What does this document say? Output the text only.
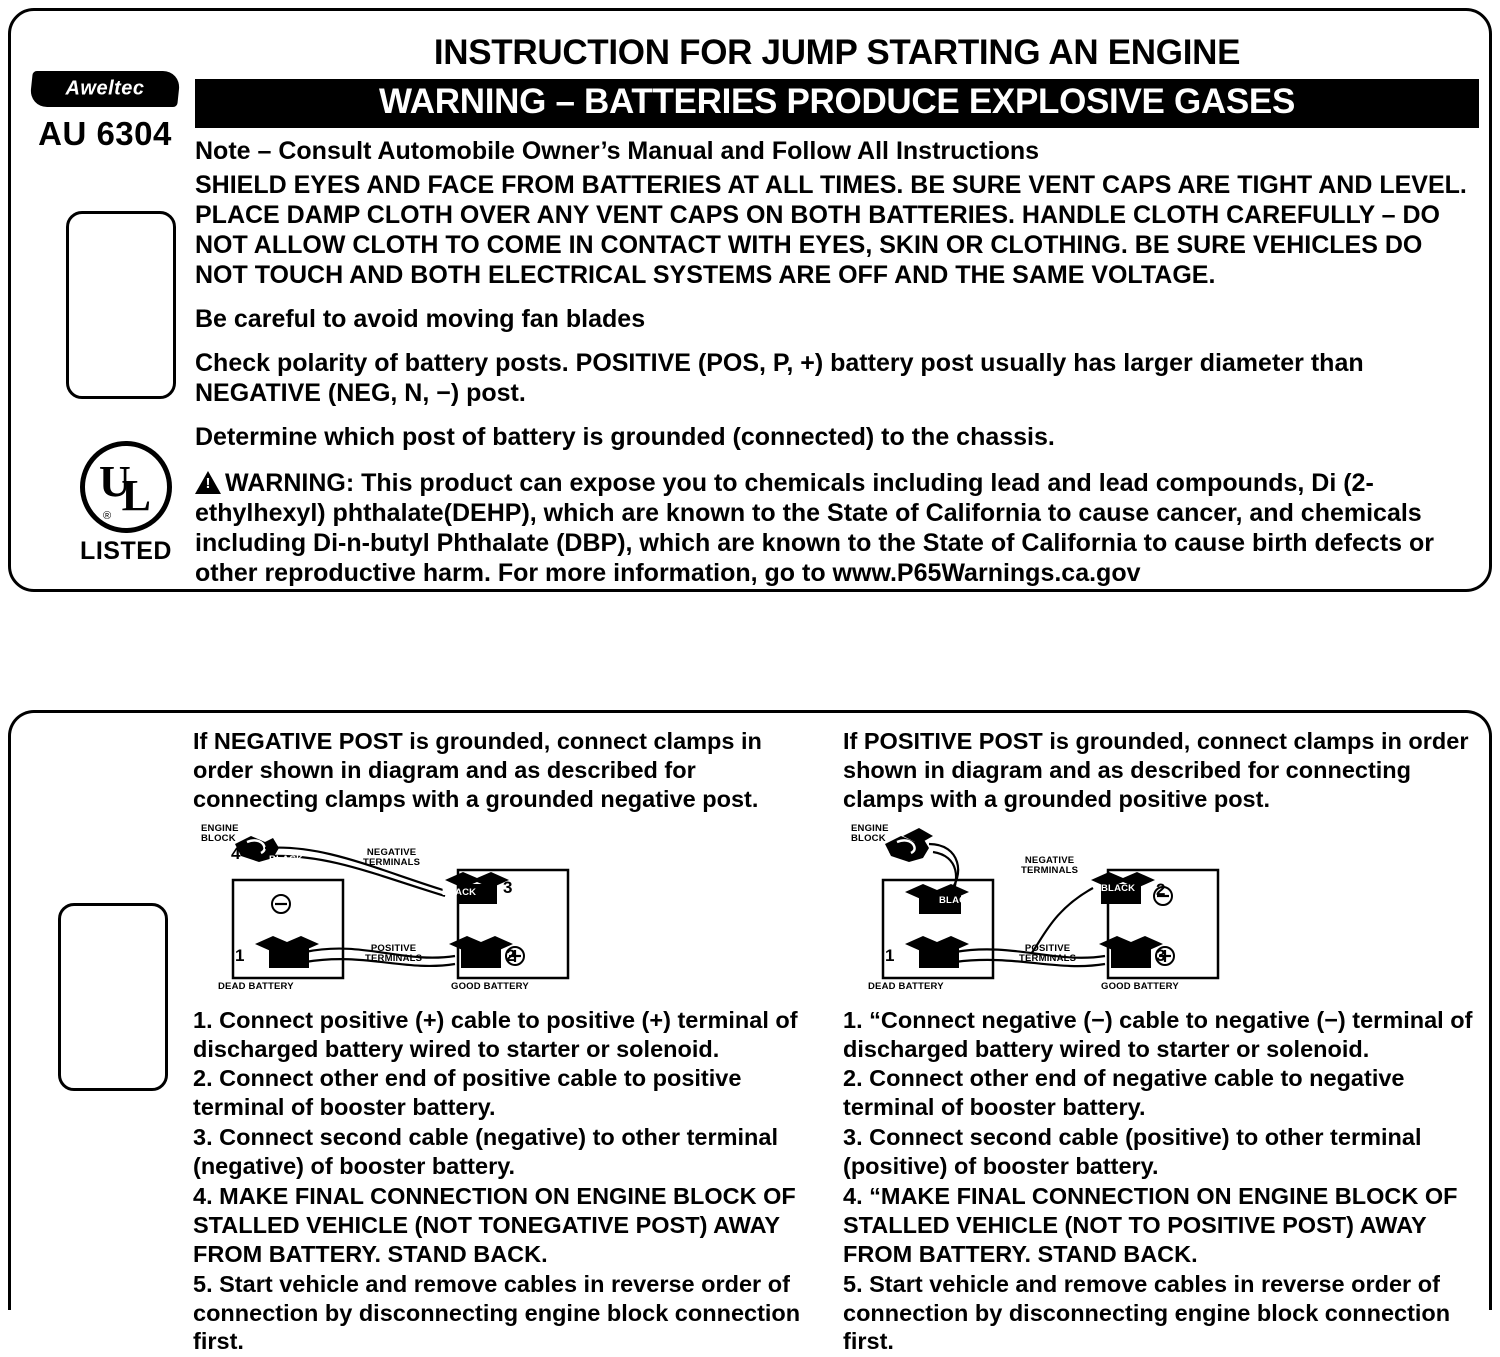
Aweltec
AU 6304
U
L
®
LISTED
INSTRUCTION FOR JUMP STARTING AN ENGINE
WARNING – BATTERIES PRODUCE EXPLOSIVE GASES
Note – Consult Automobile Owner’s Manual and Follow All Instructions
SHIELD EYES AND FACE FROM BATTERIES AT ALL TIMES. BE SURE VENT CAPS ARE TIGHT AND LEVEL. PLACE DAMP CLOTH OVER ANY VENT CAPS ON BOTH BATTERIES. HANDLE CLOTH CAREFULLY – DO NOT ALLOW CLOTH TO COME IN CONTACT WITH EYES, SKIN OR CLOTHING. BE SURE VEHICLES DO NOT TOUCH AND BOTH ELECTRICAL SYSTEMS ARE OFF AND THE SAME VOLTAGE.
Be careful to avoid moving fan blades
Check polarity of battery posts. POSITIVE (POS, P, +) battery post usually has larger diameter than NEGATIVE (NEG, N, −) post.
Determine which post of battery is grounded (connected) to the chassis.
!WARNING: This product can expose you to chemicals including lead and lead compounds, Di (2-ethylhexyl) phthalate(DEHP), which are known to the State of California to cause cancer, and chemicals including Di-n-butyl Phthalate (DBP), which are known to the State of California to cause birth defects or other reproductive harm. For more information, go to www.P65Warnings.ca.gov
If NEGATIVE POST is grounded, connect clamps in order shown in diagram and as described for connecting clamps with a grounded negative post.
ENGINE
BLOCK
4	BLACK
NEGATIVE
TERMINALS
BLACK 3
1	2
POSITIVE
TERMINALS
DEAD BATTERY	GOOD BATTERY

1. Connect positive (+) cable to positive (+) terminal of discharged battery wired to starter or solenoid.

2. Connect other end of positive cable to positive terminal of booster battery.

3. Connect second cable (negative) to other terminal (negative) of booster battery.

4. MAKE FINAL CONNECTION ON ENGINE BLOCK OF STALLED VEHICLE (NOT TONEGATIVE POST) AWAY FROM BATTERY. STAND BACK.

5. Start vehicle and remove cables in reverse order of connection by disconnecting engine block connection first.

If POSITIVE POST is grounded, connect clamps in order shown in diagram and as described for connecting clamps with a grounded positive post.
ENGINE
BLOCK
4
BLACK
NEGATIVE
TERMINALS
BLACK 2
1	3
POSITIVE
TERMINALS
DEAD BATTERY	GOOD BATTERY

1. “Connect negative (−) cable to negative (−) terminal of discharged battery wired to starter or solenoid.

2. Connect other end of negative cable to negative terminal of booster battery.

3. Connect second cable (positive) to other terminal (positive) of booster battery.

4. “MAKE FINAL CONNECTION ON ENGINE BLOCK OF STALLED VEHICLE (NOT TO POSITIVE POST) AWAY FROM BATTERY. STAND BACK.

5. Start vehicle and remove cables in reverse order of connection by disconnecting engine block connection first.
